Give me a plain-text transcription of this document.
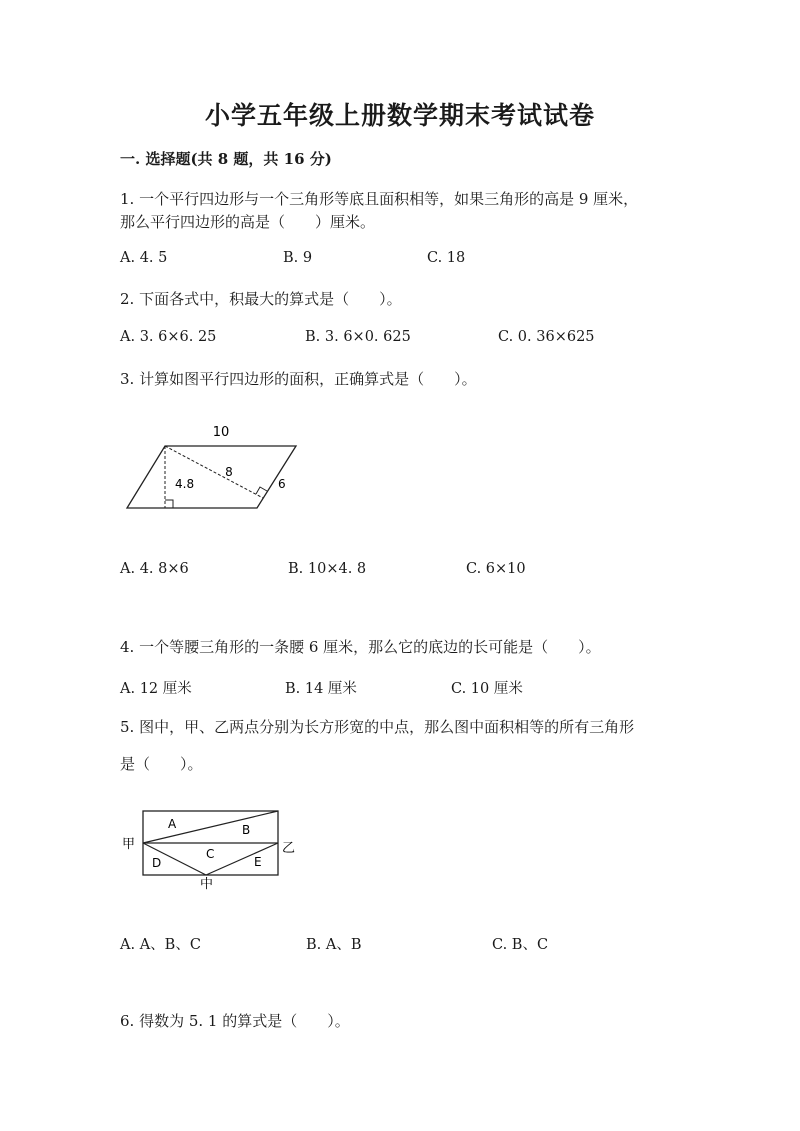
小学五年级上册数学期末考试试卷
一. 选择题(共 8 题，共 16 分)
1. 一个平行四边形与一个三角形等底且面积相等，如果三角形的高是 9 厘米，
那么平行四边形的高是（　　）厘米。
A. 4. 5	B. 9	C. 18
2. 下面各式中，积最大的算式是（　　）。
A. 3. 6×6. 25	B. 3. 6×0. 625	C. 0. 36×625
3. 计算如图平行四边形的面积，正确算式是（　　）。
10
8
4.8	6
A. 4. 8×6	B. 10×4. 8	C. 6×10
4. 一个等腰三角形的一条腰 6 厘米，那么它的底边的长可能是（　　）。
A. 12 厘米	B. 14 厘米	C. 10 厘米
5. 图中，甲、乙两点分别为长方形宽的中点，那么图中面积相等的所有三角形
是（　　）。
A	B
C
D	E
甲	乙
中
A. A、B、C	B. A、B	C. B、C
6. 得数为 5. 1 的算式是（　　）。
